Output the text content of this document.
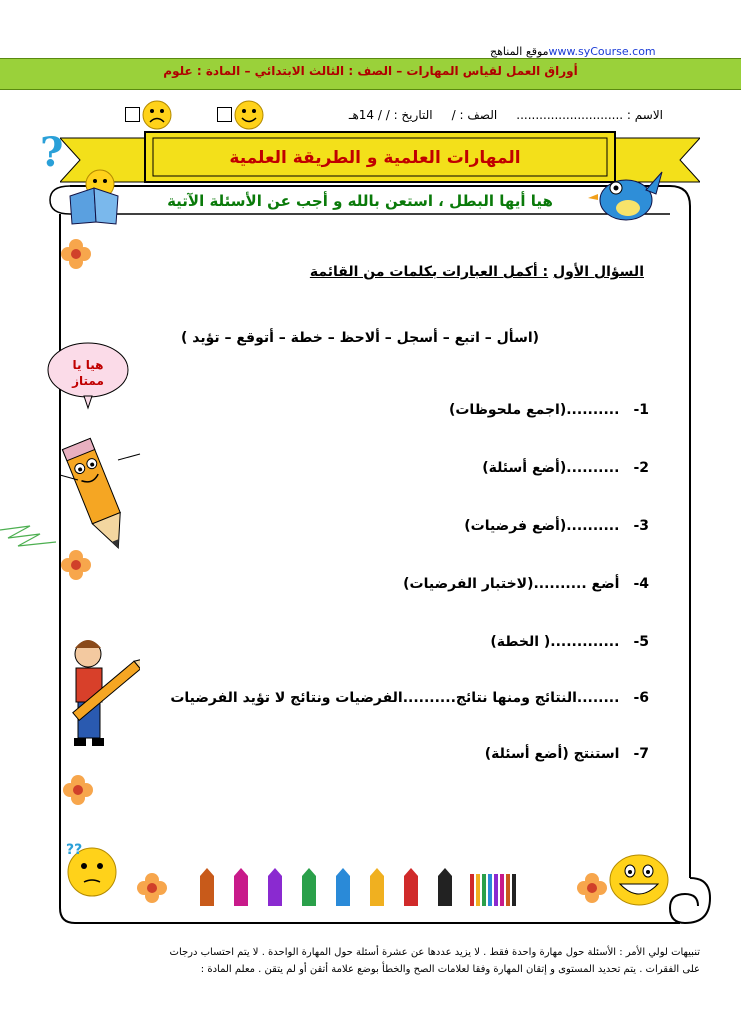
www.syCourse.comموقع المناهج
أوراق العمل لقياس المهارات – الصف : الثالث الابتدائي – المادة : علوم
الاسم : ............................     الصف : /     التاريخ : / / 14هـ
المهارات العلمية و الطريقة العلمية
?
هيا أيها البطل ، استعن بالله و أجب عن الأسئلة الآتية
السؤال الأول : أكمل العبارات بكلمات من القائمة
(اسأل – اتبع – أسجل – ألاحظ – خطة – أتوقع – تؤيد )
هيا يا
ممتاز
1-..........(اجمع ملحوظات)
2-..........(أضع أسئلة)
3-..........(أضع فرضيات)
4-أضع ..........(لاختبار الفرضيات)
5-.............( الخطة)
6-........النتائج ومنها نتائج..........الفرضيات ونتائج لا تؤيد الفرضيات
7-استنتج (أضع أسئلة)
??
تنبيهات لولي الأمر : الأسئلة حول مهارة واحدة فقط . لا يزيد عددها عن عشرة أسئلة حول المهارة الواحدة . لا يتم احتساب درجات
على الفقرات . يتم تحديد المستوى و إتقان المهارة وفقا لعلامات الصح والخطأ بوضع علامة أتقن أو لم يتقن . معلم المادة :
